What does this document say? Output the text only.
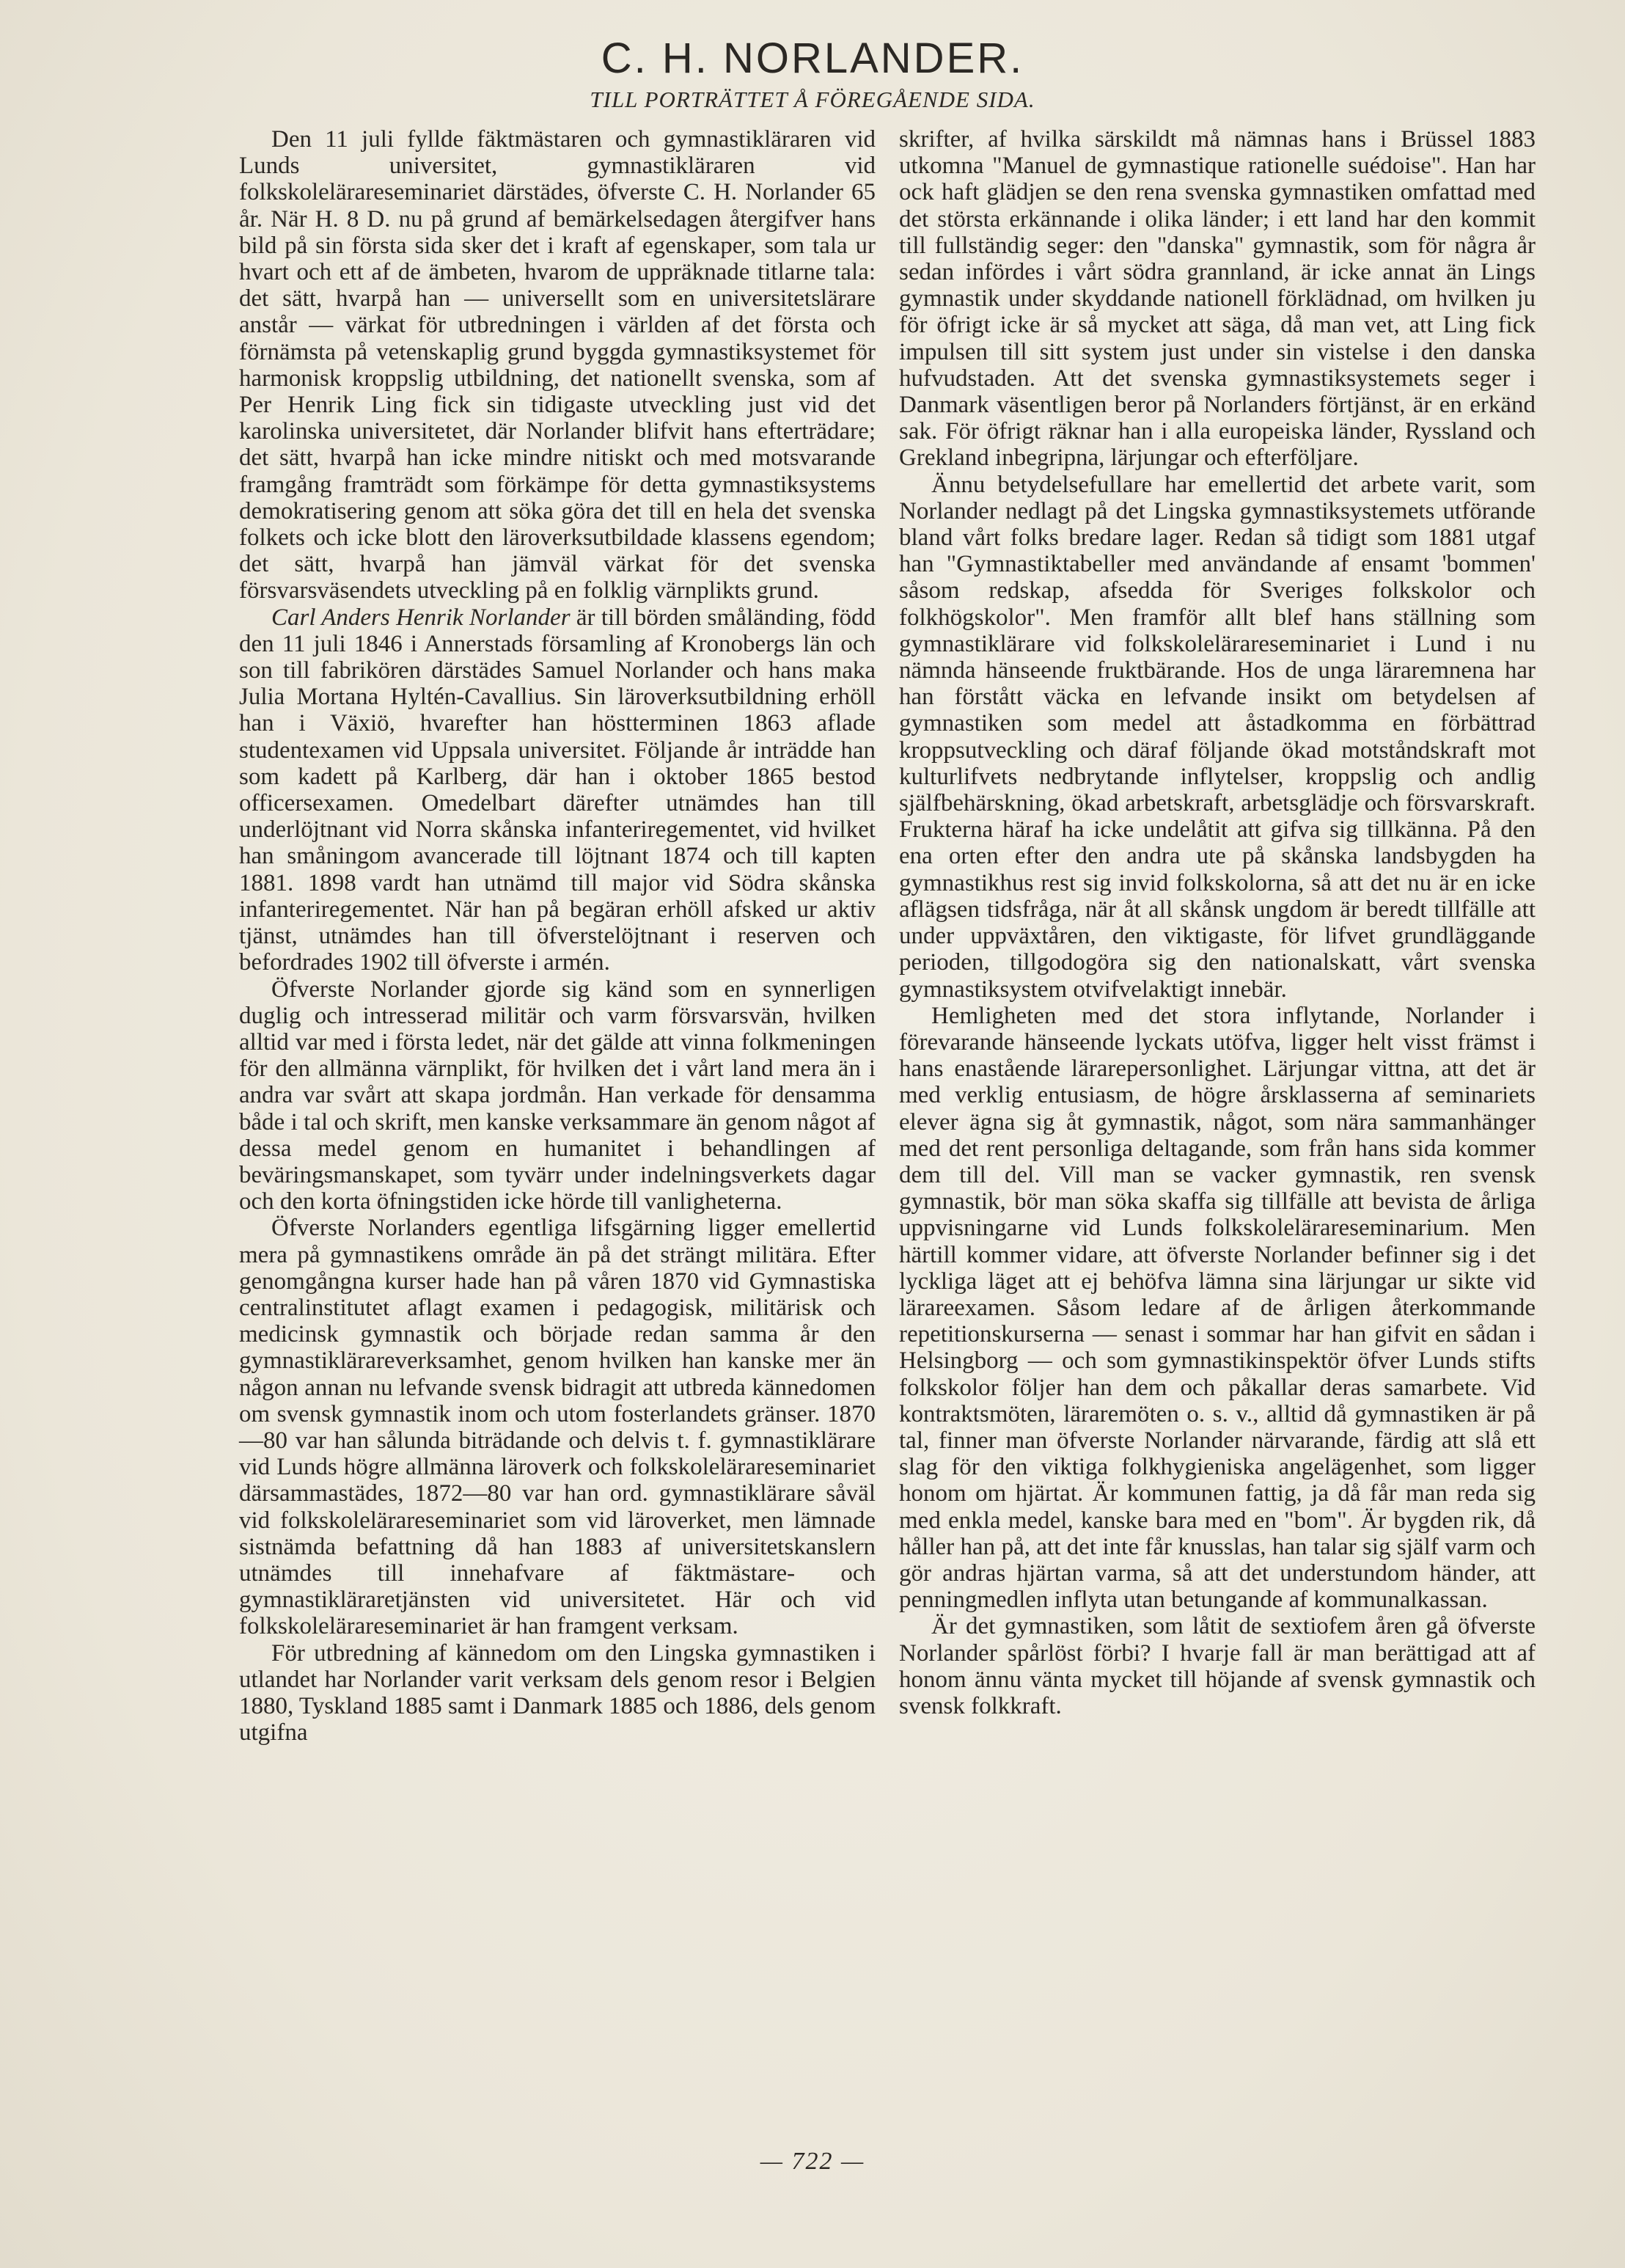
C. H. NORLANDER.
TILL PORTRÄTTET Å FÖREGÅENDE SIDA.

Den 11 juli fyllde fäktmästaren och gymnastikläraren vid Lunds universitet, gymnastikläraren vid folkskolelärareseminariet därstädes, öfverste C. H. Norlander 65 år. När H. 8 D. nu på grund af bemärkelsedagen återgifver hans bild på sin första sida sker det i kraft af egenskaper, som tala ur hvart och ett af de ämbeten, hvarom de uppräknade titlarne tala: det sätt, hvarpå han — universellt som en universitetslärare anstår — värkat för utbredningen i världen af det första och förnämsta på vetenskaplig grund byggda gymnastiksystemet för harmonisk kroppslig utbildning, det nationellt svenska, som af Per Henrik Ling fick sin tidigaste utveckling just vid det karolinska universitetet, där Norlander blifvit hans efterträdare; det sätt, hvarpå han icke mindre nitiskt och med motsvarande framgång framträdt som förkämpe för detta gymnastiksystems demokratisering genom att söka göra det till en hela det svenska folkets och icke blott den läroverksutbildade klassens egendom; det sätt, hvarpå han jämväl värkat för det svenska försvarsväsendets utveckling på en folklig värnplikts grund.

Carl Anders Henrik Norlander är till börden småländing, född den 11 juli 1846 i Annerstads församling af Kronobergs län och son till fabrikören därstädes Samuel Norlander och hans maka Julia Mortana Hyltén-Cavallius. Sin läroverksutbildning erhöll han i Växiö, hvarefter han höstterminen 1863 aflade studentexamen vid Uppsala universitet. Följande år inträdde han som kadett på Karlberg, där han i oktober 1865 bestod officersexamen. Omedelbart därefter utnämdes han till underlöjtnant vid Norra skånska infanteriregementet, vid hvilket han småningom avancerade till löjtnant 1874 och till kapten 1881. 1898 vardt han utnämd till major vid Södra skånska infanteriregementet. När han på begäran erhöll afsked ur aktiv tjänst, utnämdes han till öfverstelöjtnant i reserven och befordrades 1902 till öfverste i armén.

Öfverste Norlander gjorde sig känd som en synnerligen duglig och intresserad militär och varm försvarsvän, hvilken alltid var med i första ledet, när det gälde att vinna folkmeningen för den allmänna värnplikt, för hvilken det i vårt land mera än i andra var svårt att skapa jordmån. Han verkade för densamma både i tal och skrift, men kanske verksammare än genom något af dessa medel genom en humanitet i behandlingen af beväringsmanskapet, som tyvärr under indelningsverkets dagar och den korta öfningstiden icke hörde till vanligheterna.

Öfverste Norlanders egentliga lifsgärning ligger emellertid mera på gymnastikens område än på det strängt militära. Efter genomgångna kurser hade han på våren 1870 vid Gymnastiska centralinstitutet aflagt examen i pedagogisk, militärisk och medicinsk gymnastik och började redan samma år den gymnastiklärareverksamhet, genom hvilken han kanske mer än någon annan nu lefvande svensk bidragit att utbreda kännedomen om svensk gymnastik inom och utom fosterlandets gränser. 1870—80 var han sålunda biträdande och delvis t. f. gymnastiklärare vid Lunds högre allmänna läroverk och folkskolelärareseminariet därsammastädes, 1872—80 var han ord. gymnastiklärare såväl vid folkskolelärareseminariet som vid läroverket, men lämnade sistnämda befattning då han 1883 af universitetskanslern utnämdes till innehafvare af fäktmästare- och gymnastikläraretjänsten vid universitetet. Här och vid folkskolelärareseminariet är han framgent verksam.

För utbredning af kännedom om den Lingska gymnastiken i utlandet har Norlander varit verksam dels genom resor i Belgien 1880, Tyskland 1885 samt i Danmark 1885 och 1886, dels genom utgifna

skrifter, af hvilka särskildt må nämnas hans i Brüssel 1883 utkomna "Manuel de gymnastique rationelle suédoise". Han har ock haft glädjen se den rena svenska gymnastiken omfattad med det största erkännande i olika länder; i ett land har den kommit till fullständig seger: den "danska" gymnastik, som för några år sedan infördes i vårt södra grannland, är icke annat än Lings gymnastik under skyddande nationell förklädnad, om hvilken ju för öfrigt icke är så mycket att säga, då man vet, att Ling fick impulsen till sitt system just under sin vistelse i den danska hufvudstaden. Att det svenska gymnastiksystemets seger i Danmark väsentligen beror på Norlanders förtjänst, är en erkänd sak. För öfrigt räknar han i alla europeiska länder, Ryssland och Grekland inbegripna, lärjungar och efterföljare.

Ännu betydelsefullare har emellertid det arbete varit, som Norlander nedlagt på det Lingska gymnastiksystemets utförande bland vårt folks bredare lager. Redan så tidigt som 1881 utgaf han "Gymnastiktabeller med användande af ensamt 'bommen' såsom redskap, afsedda för Sveriges folkskolor och folkhögskolor". Men framför allt blef hans ställning som gymnastiklärare vid folkskolelärareseminariet i Lund i nu nämnda hänseende fruktbärande. Hos de unga läraremnena har han förstått väcka en lefvande insikt om betydelsen af gymnastiken som medel att åstadkomma en förbättrad kroppsutveckling och däraf följande ökad motståndskraft mot kulturlifvets nedbrytande inflytelser, kroppslig och andlig själfbehärskning, ökad arbetskraft, arbetsglädje och försvarskraft. Frukterna häraf ha icke undelåtit att gifva sig tillkänna. På den ena orten efter den andra ute på skånska landsbygden ha gymnastikhus rest sig invid folkskolorna, så att det nu är en icke aflägsen tidsfråga, när åt all skånsk ungdom är beredt tillfälle att under uppväxtåren, den viktigaste, för lifvet grundläggande perioden, tillgodogöra sig den nationalskatt, vårt svenska gymnastiksystem otvifvelaktigt innebär.

Hemligheten med det stora inflytande, Norlander i förevarande hänseende lyckats utöfva, ligger helt visst främst i hans enastående lärarepersonlighet. Lärjungar vittna, att det är med verklig entusiasm, de högre årsklasserna af seminariets elever ägna sig åt gymnastik, något, som nära sammanhänger med det rent personliga deltagande, som från hans sida kommer dem till del. Vill man se vacker gymnastik, ren svensk gymnastik, bör man söka skaffa sig tillfälle att bevista de årliga uppvisningarne vid Lunds folkskolelärareseminarium. Men härtill kommer vidare, att öfverste Norlander befinner sig i det lyckliga läget att ej behöfva lämna sina lärjungar ur sikte vid lärareexamen. Såsom ledare af de årligen återkommande repetitionskurserna — senast i sommar har han gifvit en sådan i Helsingborg — och som gymnastikinspektör öfver Lunds stifts folkskolor följer han dem och påkallar deras samarbete. Vid kontraktsmöten, läraremöten o. s. v., alltid då gymnastiken är på tal, finner man öfverste Norlander närvarande, färdig att slå ett slag för den viktiga folkhygieniska angelägenhet, som ligger honom om hjärtat. Är kommunen fattig, ja då får man reda sig med enkla medel, kanske bara med en "bom". Är bygden rik, då håller han på, att det inte får knusslas, han talar sig själf varm och gör andras hjärtan varma, så att det understundom händer, att penningmedlen inflyta utan betungande af kommunalkassan.

Är det gymnastiken, som låtit de sextiofem åren gå öfverste Norlander spårlöst förbi? I hvarje fall är man berättigad att af honom ännu vänta mycket till höjande af svensk gymnastik och svensk folkkraft.

— 722 —
